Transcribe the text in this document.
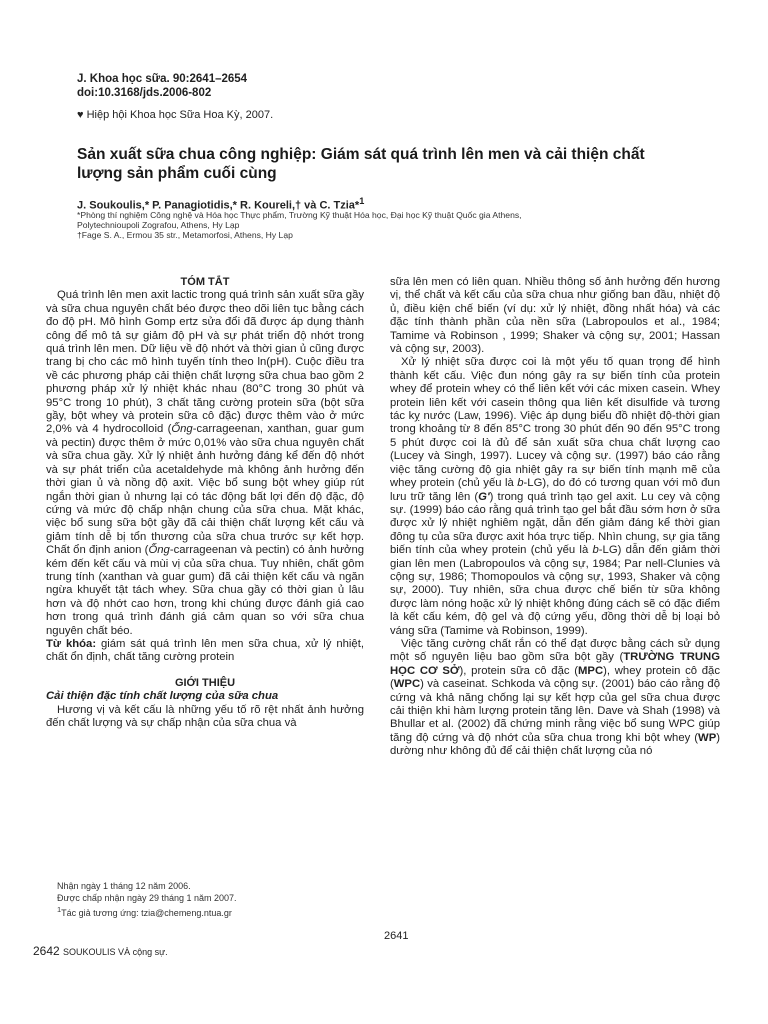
J. Khoa học sữa. 90:2641–2654
doi:10.3168/jds.2006-802
♥ Hiệp hội Khoa học Sữa Hoa Kỳ, 2007.
Sản xuất sữa chua công nghiệp: Giám sát quá trình lên men và cải thiện chất lượng sản phẩm cuối cùng
J. Soukoulis,* P. Panagiotidis,* R. Koureli,† và C. Tzia*$^1$
*Phòng thí nghiệm Công nghệ và Hóa học Thực phẩm, Trường Kỹ thuật Hóa học, Đại học Kỹ thuật Quốc gia Athens,
Polytechnioupoli Zografou, Athens, Hy Lạp
†Fage S. A., Ermou 35 str., Metamorfosi, Athens, Hy Lạp

TÓM TẮT

Quá trình lên men axit lactic trong quá trình sản xuất sữa gầy và sữa chua nguyên chất béo được theo dõi liên tục bằng cách đo độ pH. Mô hình Gomp ertz sửa đổi đã được áp dụng thành công để mô tả sự giảm độ pH và sự phát triển độ nhớt trong quá trình lên men. Dữ liệu về độ nhớt và thời gian ủ cũng được trang bị cho các mô hình tuyến tính theo ln(pH). Cuộc điều tra về các phương pháp cải thiện chất lượng sữa chua bao gồm 2 phương pháp xử lý nhiệt khác nhau (80°C trong 30 phút và 95°C trong 10 phút), 3 chất tăng cường protein sữa (bột sữa gầy, bột whey và protein sữa cô đặc) được thêm vào ở mức 2,0% và 4 hydrocolloid (Ống-carrageenan, xanthan, guar gum và pectin) được thêm ở mức 0,01% vào sữa chua nguyên chất và sữa chua gầy. Xử lý nhiệt ảnh hưởng đáng kể đến độ nhớt và sự phát triển của acetaldehyde mà không ảnh hưởng đến thời gian ủ và nồng độ axit. Việc bổ sung bột whey giúp rút ngắn thời gian ủ nhưng lại có tác động bất lợi đến độ đặc, độ cứng và mức độ chấp nhận chung của sữa chua. Mặt khác, việc bổ sung sữa bột gầy đã cải thiện chất lượng kết cấu và giảm tính dễ bị tổn thương của sữa chua trước sự kết hợp. Chất ổn định anion (Ống-carrageenan và pectin) có ảnh hưởng kém đến kết cấu và mùi vị của sữa chua. Tuy nhiên, chất gôm trung tính (xanthan và guar gum) đã cải thiện kết cấu và ngăn ngừa khuyết tật tách whey. Sữa chua gầy có thời gian ủ lâu hơn và độ nhớt cao hơn, trong khi chúng được đánh giá cao hơn trong quá trình đánh giá cảm quan so với sữa chua nguyên chất béo.

Từ khóa: giám sát quá trình lên men sữa chua, xử lý nhiệt, chất ổn định, chất tăng cường protein

GIỚI THIỆU

Cải thiện đặc tính chất lượng của sữa chua

Hương vị và kết cấu là những yếu tố rõ rệt nhất ảnh hưởng đến chất lượng và sự chấp nhận của sữa chua và

sữa lên men có liên quan. Nhiều thông số ảnh hưởng đến hương vị, thể chất và kết cấu của sữa chua như giống ban đầu, nhiệt độ ủ, điều kiện chế biến (ví dụ: xử lý nhiệt, đồng nhất hóa) và các đặc tính thành phần của nền sữa (Labropoulos et al., 1984; Tamime và Robinson , 1999; Shaker và cộng sự, 2001; Hassan và cộng sự, 2003).

Xử lý nhiệt sữa được coi là một yếu tố quan trọng để hình thành kết cấu. Việc đun nóng gây ra sự biến tính của protein whey để protein whey có thể liên kết với các mixen casein. Whey protein liên kết với casein thông qua liên kết disulfide và tương tác kỵ nước (Law, 1996). Việc áp dụng biểu đồ nhiệt độ-thời gian trong khoảng từ 8 đến 85°C trong 30 phút đến 90 đến 95°C trong 5 phút được coi là đủ để sản xuất sữa chua chất lượng cao (Lucey và Singh, 1997). Lucey và cộng sự. (1997) báo cáo rằng việc tăng cường độ gia nhiệt gây ra sự biến tính mạnh mẽ của whey protein (chủ yếu là b-LG), do đó có tương quan với mô đun lưu trữ tăng lên (G') trong quá trình tạo gel axit. Lu cey và cộng sự. (1999) báo cáo rằng quá trình tạo gel bắt đầu sớm hơn ở sữa được xử lý nhiệt nghiêm ngặt, dẫn đến giảm đáng kể thời gian đông tụ của sữa được axit hóa trực tiếp. Nhìn chung, sự gia tăng biến tính của whey protein (chủ yếu là b-LG) dẫn đến giảm thời gian lên men (Labropoulos và cộng sự, 1984; Par nell-Clunies và cộng sự, 1986; Thomopoulos và cộng sự, 1993, Shaker và cộng sự, 2000). Tuy nhiên, sữa chua được chế biến từ sữa không được làm nóng hoặc xử lý nhiệt không đúng cách sẽ có đặc điểm là kết cấu kém, độ gel và độ cứng yếu, đồng thời dễ bị loại bỏ váng sữa (Tamime và Robinson, 1999).

Việc tăng cường chất rắn có thể đạt được bằng cách sử dụng một số nguyên liệu bao gồm sữa bột gầy (TRƯỜNG TRUNG HỌC CƠ SỞ), protein sữa cô đặc (MPC), whey protein cô đặc (WPC) và caseinat. Schkoda và cộng sự. (2001) báo cáo rằng độ cứng và khả năng chống lại sự kết hợp của gel sữa chua được cải thiện khi hàm lượng protein tăng lên. Dave và Shah (1998) và Bhullar et al. (2002) đã chứng minh rằng việc bổ sung WPC giúp tăng độ cứng và độ nhớt của sữa chua trong khi bột whey (WP) dường như không đủ để cải thiện chất lượng của nó

Nhận ngày 1 tháng 12 năm 2006.
Được chấp nhận ngày 29 tháng 1 năm 2007.
$^1$Tác giả tương ứng: tzia@chemeng.ntua.gr
2641
2642 SOUKOULIS VÀ cộng sự.
